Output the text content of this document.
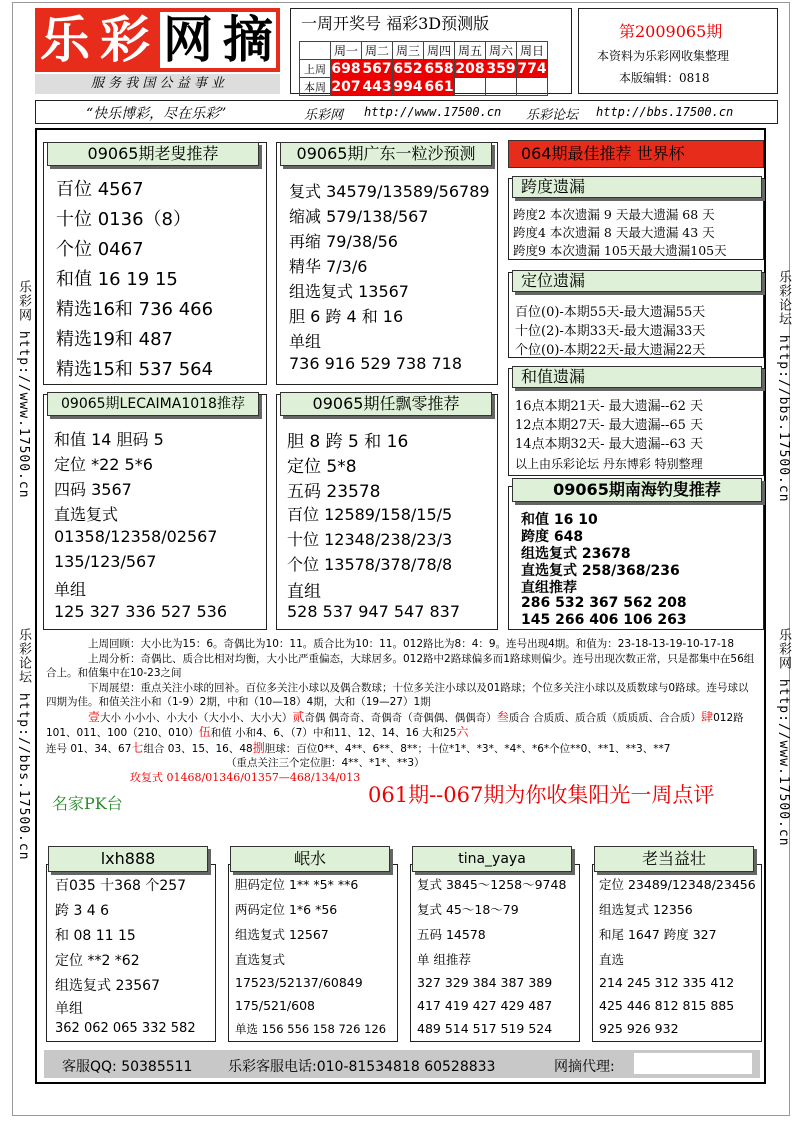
乐 彩 网 摘
服 务 我 国 公 益 事 业
一周开奖号 福彩3D预测版
	周一	周二	周三	周四	周五	周六	周日
上周	698	567	652	658	208	359	774
本周	207	443	994	661			
第2009065期
本资料为乐彩网收集整理
本版编辑：0818
“快乐博彩，尽在乐彩”	乐彩网 http://www.17500.cn 乐彩论坛 http://bbs.17500.cn
乐彩网 http://www.17500.cn
乐彩论坛 http://bbs.17500.cn
乐彩论坛 http://bbs.17500.cn
乐彩网 http://www.17500.cn
百位 4567
十位 0136（8）
个位 0467
和值 16 19 15
精选16和 736 466
精选19和 487
精选15和 537 564
09065期老叟推荐
复式 34579/13589/56789
缩减 579/138/567
再缩 79/38/56
精华 7/3/6
组选复式 13567
胆 6 跨 4 和 16
单组
736 916 529 738 718
09065期广东一粒沙预测	064期最佳推荐 世界杯
跨度2 本次遗漏 9 天最大遗漏 68 天
跨度4 本次遗漏 8 天最大遗漏 43 天
跨度9 本次遗漏 105天最大遗漏105天
跨度遗漏
百位(0)-本期55天-最大遗漏55天
十位(2)-本期33天-最大遗漏33天
个位(0)-本期22天-最大遗漏22天
定位遗漏
16点本期21天- 最大遗漏--62 天
12点本期27天- 最大遗漏--65 天
14点本期32天- 最大遗漏--63 天
以上由乐彩论坛 丹东博彩 特别整理
和值遗漏
和值 14 胆码 5
定位 *22 5*6
四码 3567
直选复式
01358/12358/02567
135/123/567
单组
125 327 336 527 536
09065期LECAIMA1018推荐
胆 8 跨 5 和 16
定位 5*8
五码 23578
百位 12589/158/15/5
十位 12348/238/23/3
个位 13578/378/78/8
直组
528 537 947 547 837
09065期任飘零推荐
和值 16 10
跨度 648
组选复式 23678
直选复式 258/368/236
直组推荐
286 532 367 562 208
145 266 406 106 263
09065期南海钓叟推荐
上周回顾：大小比为15：6。奇偶比为10：11。质合比为10：11。012路比为8：4：9。连号出现4期。和值为：23-18-13-19-10-17-18
上周分析：奇偶比、质合比相对均衡，大小比严重偏态，大球居多。012路中2路球偏多而1路球则偏少。连号出现次数正常，只是都集中在56组合上。和值集中在10-23之间
下周展望：重点关注小球的回补。百位多关注小球以及偶合数球；十位多关注小球以及01路球；个位多关注小球以及质数球与0路球。连号球以四期为佳。和值关注小和（1-9）2期，中和（10—18）4期，大和（19—27）1期
壹大小 小小小、小大小（大小小、大小大）贰奇偶 偶奇奇、奇偶奇（奇偶偶、偶偶奇）叁质合 合质质、质合质（质质质、合合质）肆012路 101、011、100（210、010）伍和值 小和4、6、（7）中和11、12、14、16 大和25六
连号 01、34、67七组合 03、15、16、48捌胆球：百位0**、4**、6**、8**；十位*1*、*3*、*4*、*6*个位**0、**1、**3、**7
（重点关注三个定位胆：4**、*1*、**3）
玫复式 01468/01346/01357—468/134/013
名家PK台	061期--067期为你收集阳光一周点评
百035 十368 个257
跨 3 4 6
和 08 11 15
定位 **2 *62
组选复式 23567
单组
362 062 065 332 582
lxh888
胆码定位 1** *5* **6
两码定位 1*6 *56
组选复式 12567
直选复式
17523/52137/60849
175/521/608
单选 156 556 158 726 126
岷水
复式 3845～1258～9748
复式 45～18～79
五码 14578
单 组推荐
327 329 384 387 389
417 419 427 429 487
489 514 517 519 524
tina_yaya
定位 23489/12348/23456
组选复式 12356
和尾 1647 跨度 327
直选
214 245 312 335 412
425 446 812 815 885
925 926 932
老当益壮
客服QQ: 50385511	乐彩客服电话:010-81534818 60528833	网摘代理:
